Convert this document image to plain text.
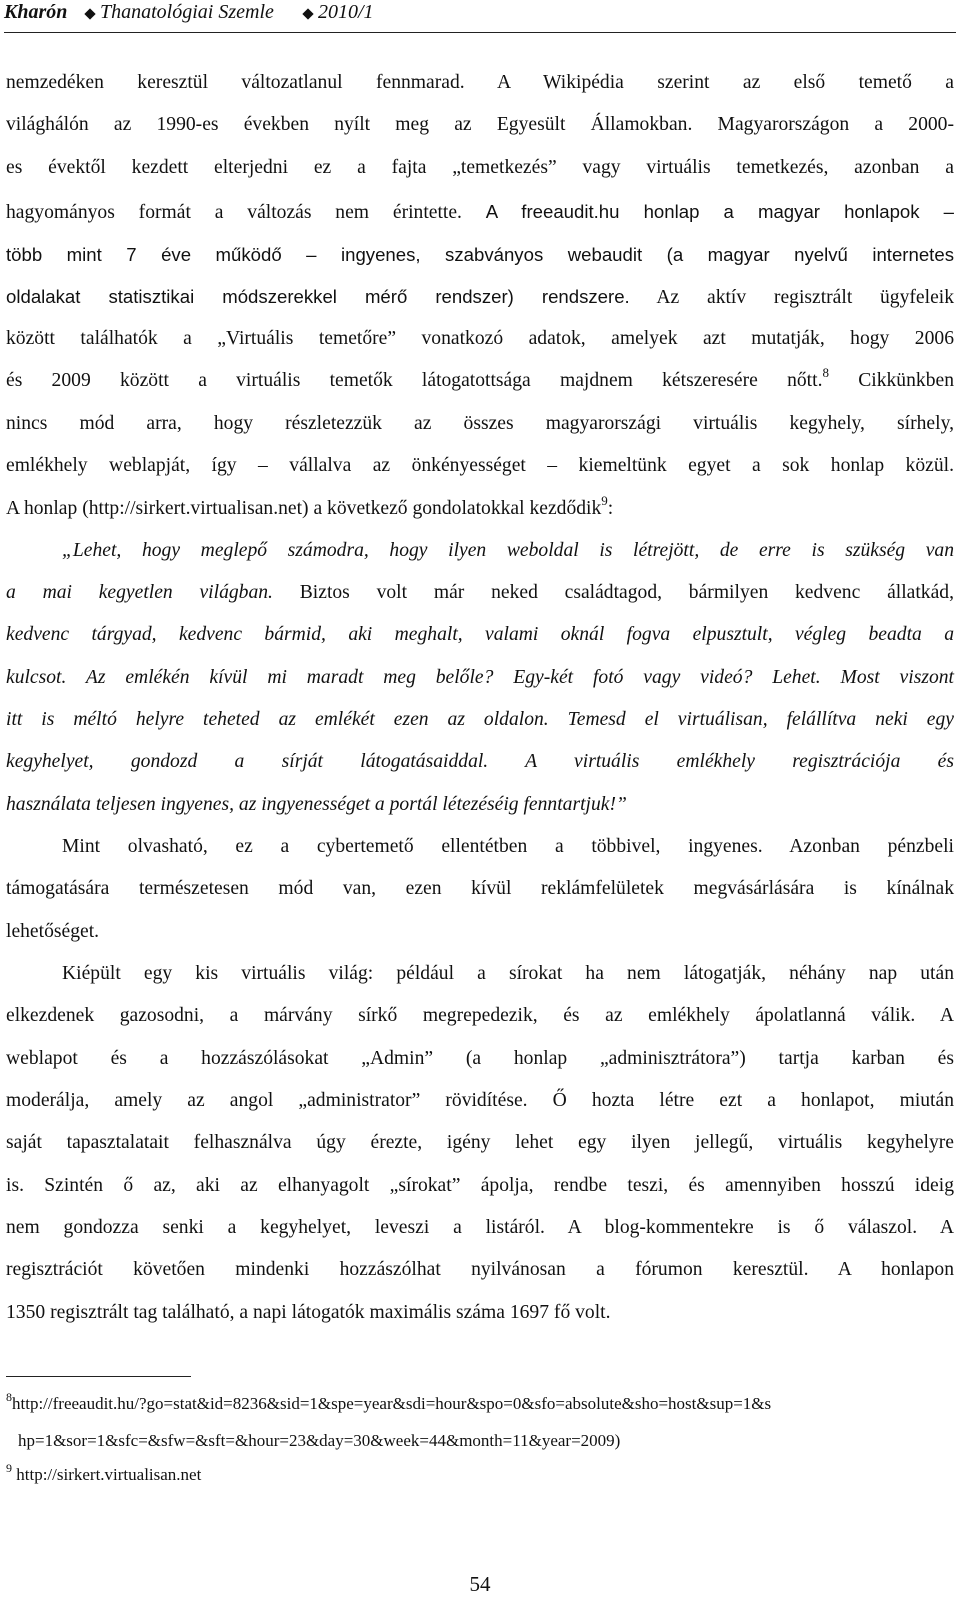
Kharón Thanatológiai Szemle 2010/1
nemzedéken keresztül változatlanul fennmarad. A Wikipédia szerint az első temető a
világhálón az 1990-es években nyílt meg az Egyesült Államokban. Magyarországon a 2000-
es évektől kezdett elterjedni ez a fajta „temetkezés” vagy virtuális temetkezés, azonban a
hagyományos formát a változás nem érintette. A freeaudit.hu honlap a magyar honlapok –
több mint 7 éve működő – ingyenes, szabványos webaudit (a magyar nyelvű internetes
oldalakat statisztikai módszerekkel mérő rendszer) rendszere. Az aktív regisztrált ügyfeleik
között találhatók a „Virtuális temetőre” vonatkozó adatok, amelyek azt mutatják, hogy 2006
és 2009 között a virtuális temetők látogatottsága majdnem kétszeresére nőtt.$^8$ Cikkünkben
nincs mód arra, hogy részletezzük az összes magyarországi virtuális kegyhely, sírhely,
emlékhely weblapját, így – vállalva az önkényességet – kiemeltünk egyet a sok honlap közül.
A honlap (http://sirkert.virtualisan.net) a következő gondolatokkal kezdődik$^9$:
„Lehet, hogy meglepő számodra, hogy ilyen weboldal is létrejött, de erre is szükség van
a mai kegyetlen világban. Biztos volt már neked családtagod, bármilyen kedvenc állatkád,
kedvenc tárgyad, kedvenc bármid, aki meghalt, valami oknál fogva elpusztult, végleg beadta a
kulcsot. Az emlékén kívül mi maradt meg belőle? Egy-két fotó vagy videó? Lehet. Most viszont
itt is méltó helyre teheted az emlékét ezen az oldalon. Temesd el virtuálisan, felállítva neki egy
kegyhelyet, gondozd a sírját látogatásaiddal. A virtuális emlékhely regisztrációja és
használata teljesen ingyenes, az ingyenességet a portál létezéséig fenntartjuk!”
Mint olvasható, ez a cybertemető ellentétben a többivel, ingyenes. Azonban pénzbeli
támogatására természetesen mód van, ezen kívül reklámfelületek megvásárlására is kínálnak
lehetőséget.
Kiépült egy kis virtuális világ: például a sírokat ha nem látogatják, néhány nap után
elkezdenek gazosodni, a márvány sírkő megrepedezik, és az emlékhely ápolatlanná válik. A
weblapot és a hozzászólásokat „Admin” (a honlap „adminisztrátora”) tartja karban és
moderálja, amely az angol „administrator” rövidítése. Ő hozta létre ezt a honlapot, miután
saját tapasztalatait felhasználva úgy érezte, igény lehet egy ilyen jellegű, virtuális kegyhelyre
is. Szintén ő az, aki az elhanyagolt „sírokat” ápolja, rendbe teszi, és amennyiben hosszú ideig
nem gondozza senki a kegyhelyet, leveszi a listáról. A blog-kommentekre is ő válaszol. A
regisztrációt követően mindenki hozzászólhat nyilvánosan a fórumon keresztül. A honlapon
1350 regisztrált tag található, a napi látogatók maximális száma 1697 fő volt.
$^8$http://freeaudit.hu/?go=stat&id=8236&sid=1&spe=year&sdi=hour&spo=0&sfo=absolute&sho=host&sup=1&s
hp=1&sor=1&sfc=&sfw=&sft=&hour=23&day=30&week=44&month=11&year=2009)
$^9$ http://sirkert.virtualisan.net
54
